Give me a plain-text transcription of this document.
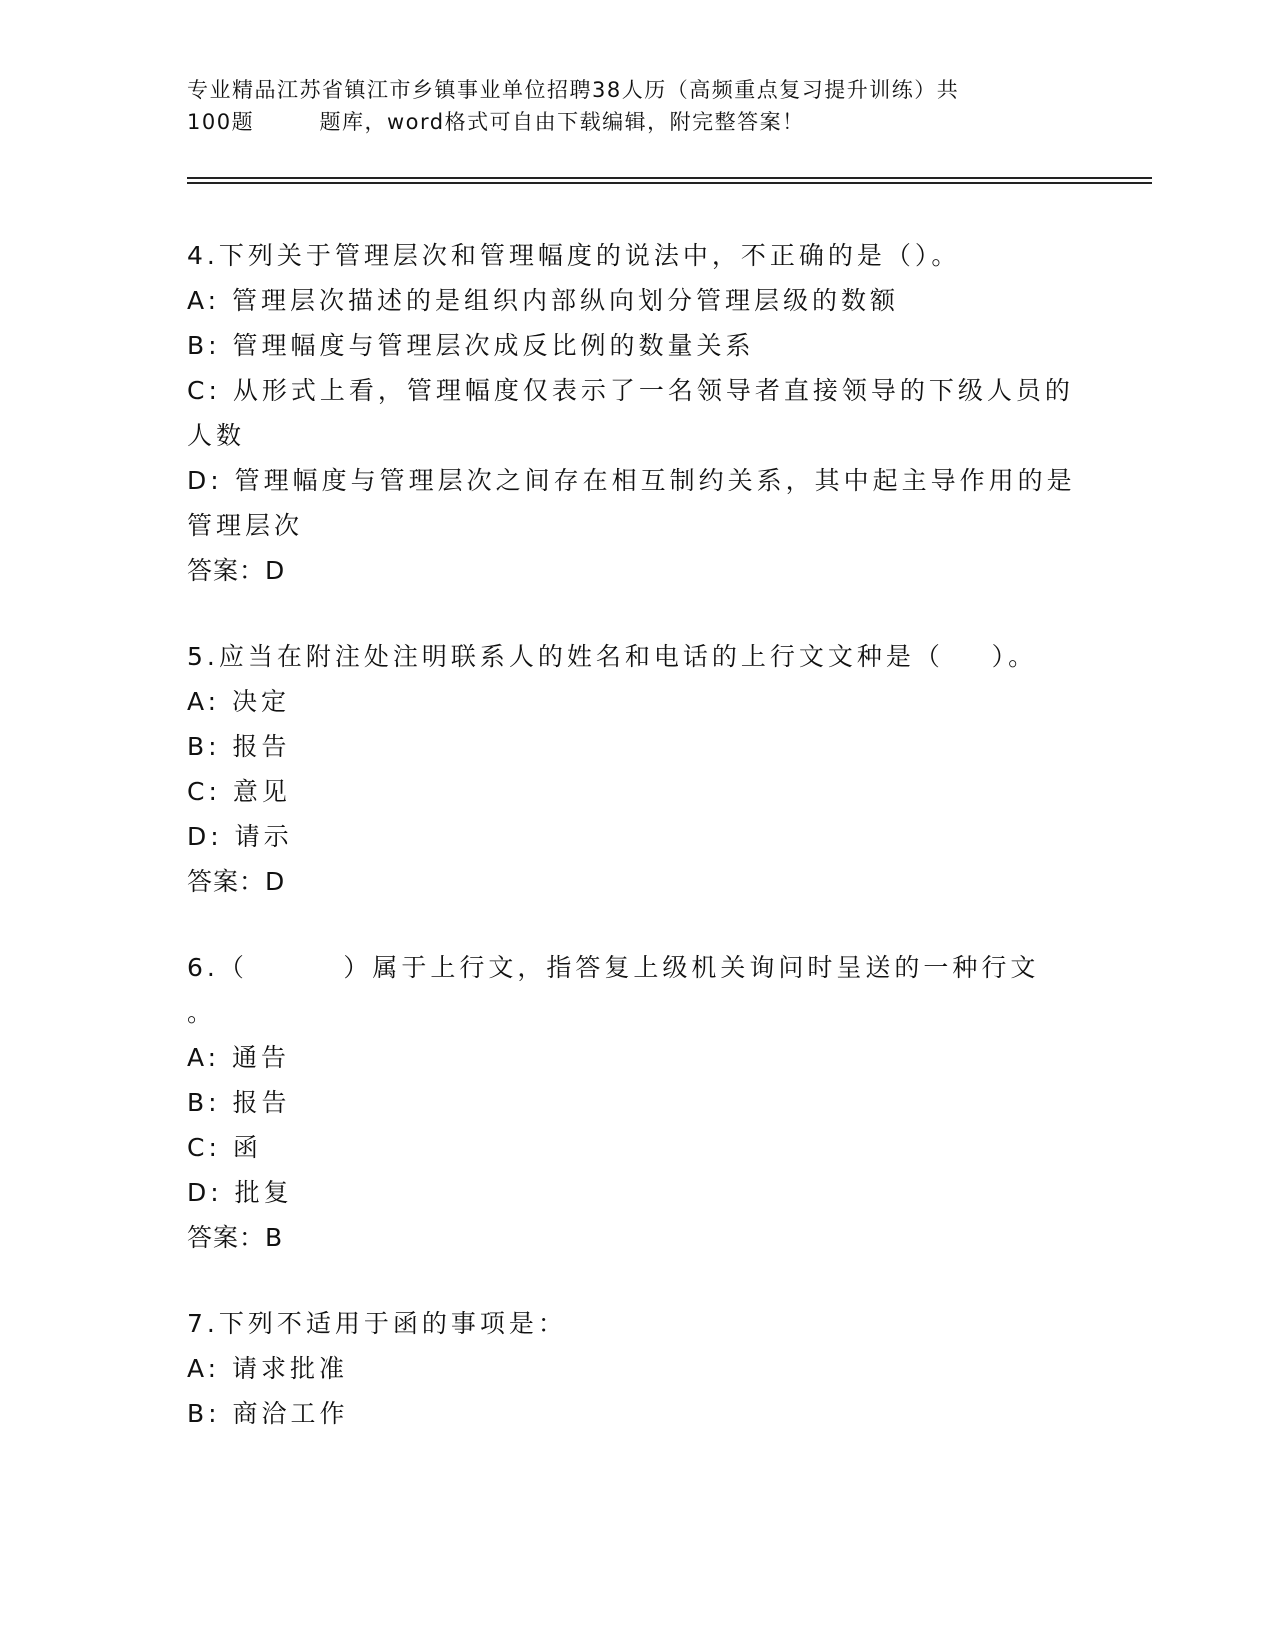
专业精品江苏省镇江市乡镇事业单位招聘38人历（高频重点复习提升训练）共
100题        题库，word格式可自由下载编辑，附完整答案！
4.下列关于管理层次和管理幅度的说法中，不正确的是（）。
A: 管理层次描述的是组织内部纵向划分管理层级的数额
B: 管理幅度与管理层次成反比例的数量关系
C: 从形式上看，管理幅度仅表示了一名领导者直接领导的下级人员的
人数
D: 管理幅度与管理层次之间存在相互制约关系，其中起主导作用的是
管理层次
答案：D
5.应当在附注处注明联系人的姓名和电话的上行文文种是（    ）。
A: 决定
B: 报告
C: 意见
D: 请示
答案：D
6.（        ）属于上行文，指答复上级机关询问时呈送的一种行文
。
A: 通告
B: 报告
C: 函
D: 批复
答案：B
7.下列不适用于函的事项是：
A: 请求批准
B: 商洽工作
